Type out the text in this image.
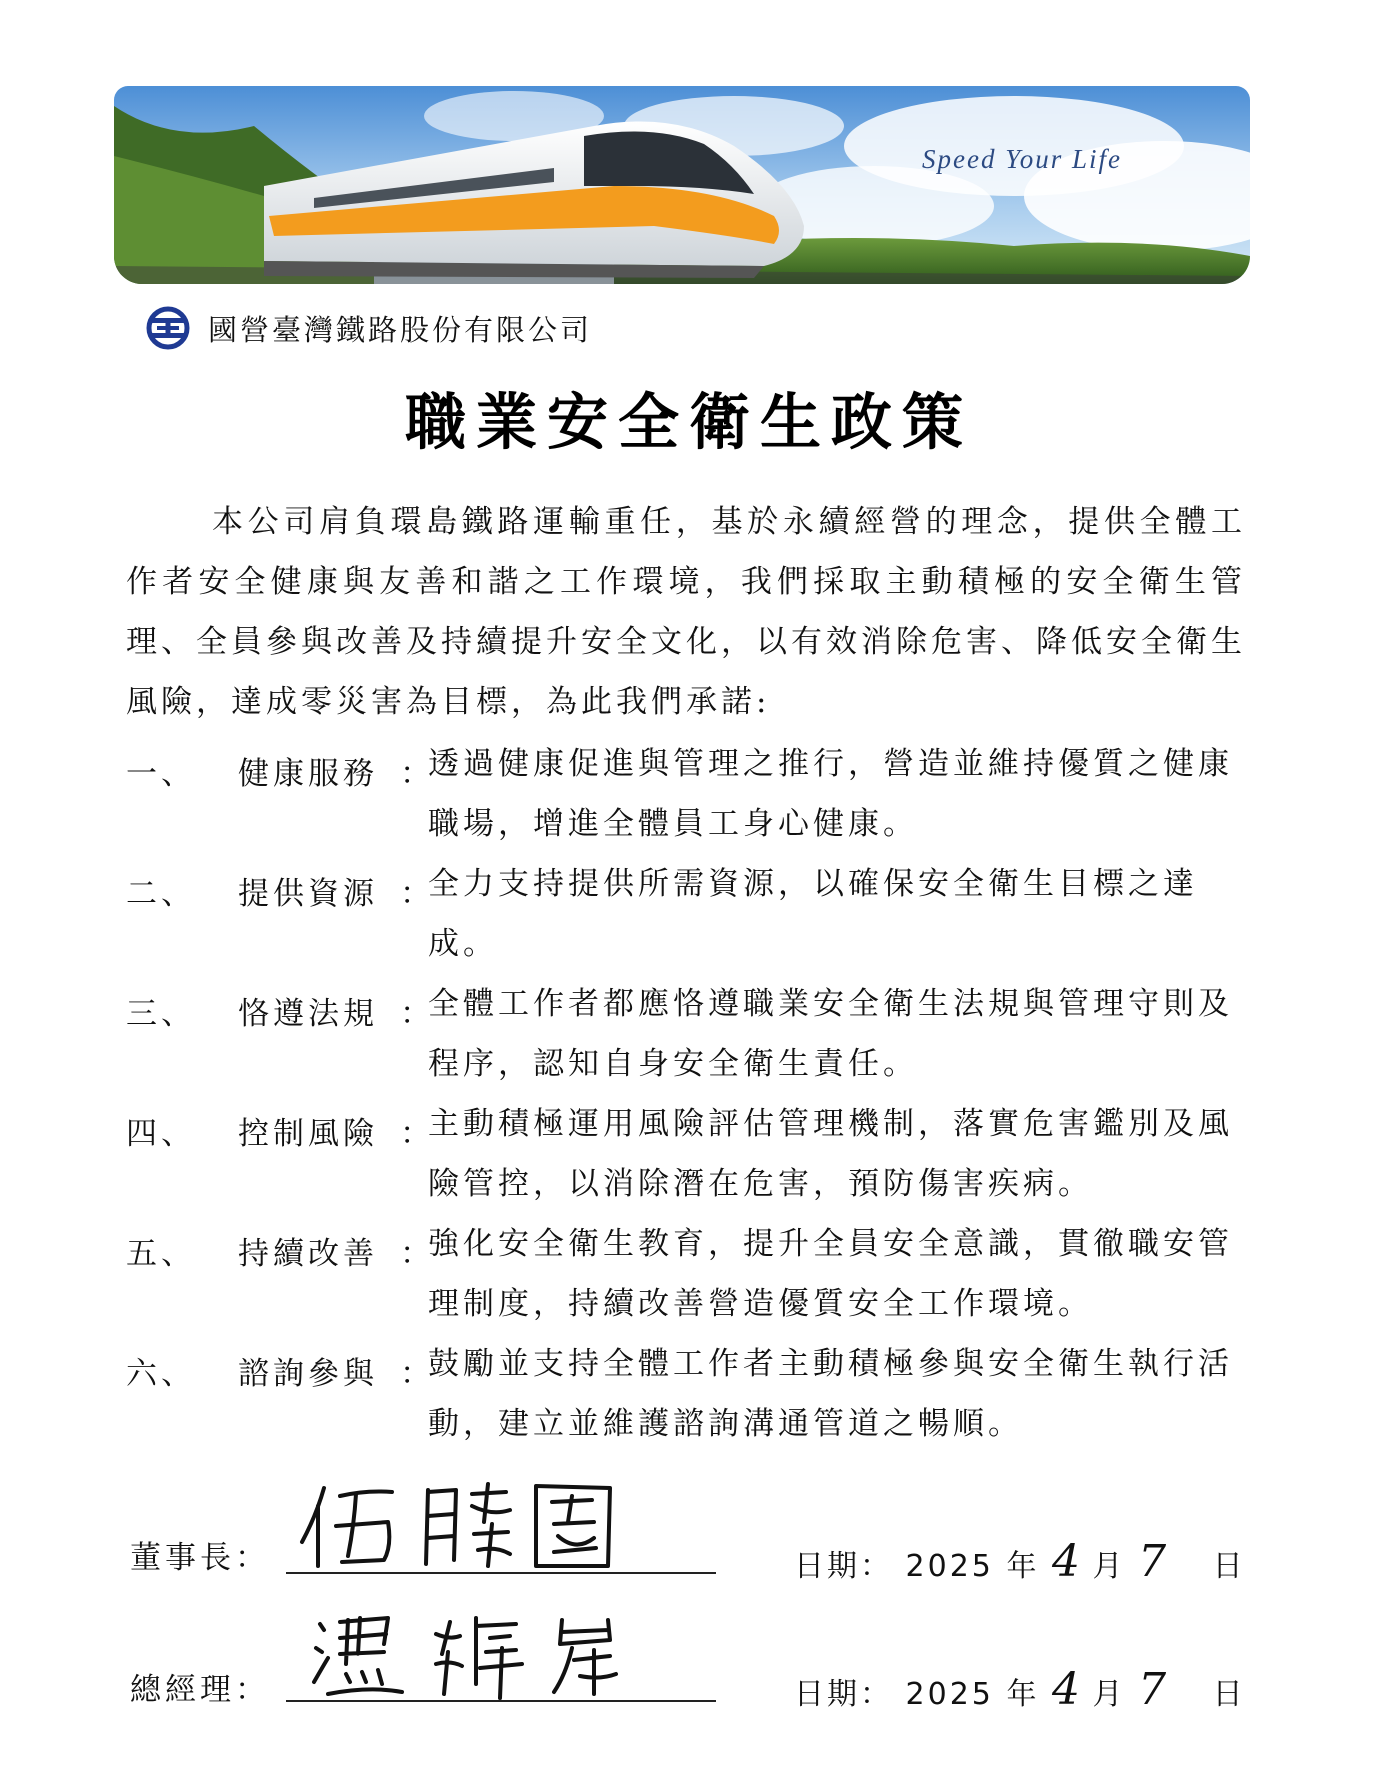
Speed Your Life
國營臺灣鐵路股份有限公司
職業安全衛生政策

本公司肩負環島鐵路運輸重任，基於永續經營的理念，提供全體工作者安全健康與友善和諧之工作環境，我們採取主動積極的安全衛生管理、全員參與改善及持續提升安全文化，以有效消除危害、降低安全衛生風險，達成零災害為目標，為此我們承諾:

一、 健康服務 ：

透過健康促進與管理之推行，營造並維持優質之健康職場，增進全體員工身心健康。

二、 提供資源 ：

全力支持提供所需資源，以確保安全衛生目標之達成。

三、 恪遵法規 ：

全體工作者都應恪遵職業安全衛生法規與管理守則及程序，認知自身安全衛生責任。

四、 控制風險 ：

主動積極運用風險評估管理機制，落實危害鑑別及風險管控，以消除潛在危害，預防傷害疾病。

五、 持續改善 ：

強化安全衛生教育，提升全員安全意識，貫徹職安管理制度，持續改善營造優質安全工作環境。

六、 諮詢參與 ：

鼓勵並支持全體工作者主動積極參與安全衛生執行活動，建立並維護諮詢溝通管道之暢順。

董事長：	日期： 2025 年 4 月 7 日
總經理：	日期： 2025 年 4 月 7 日
